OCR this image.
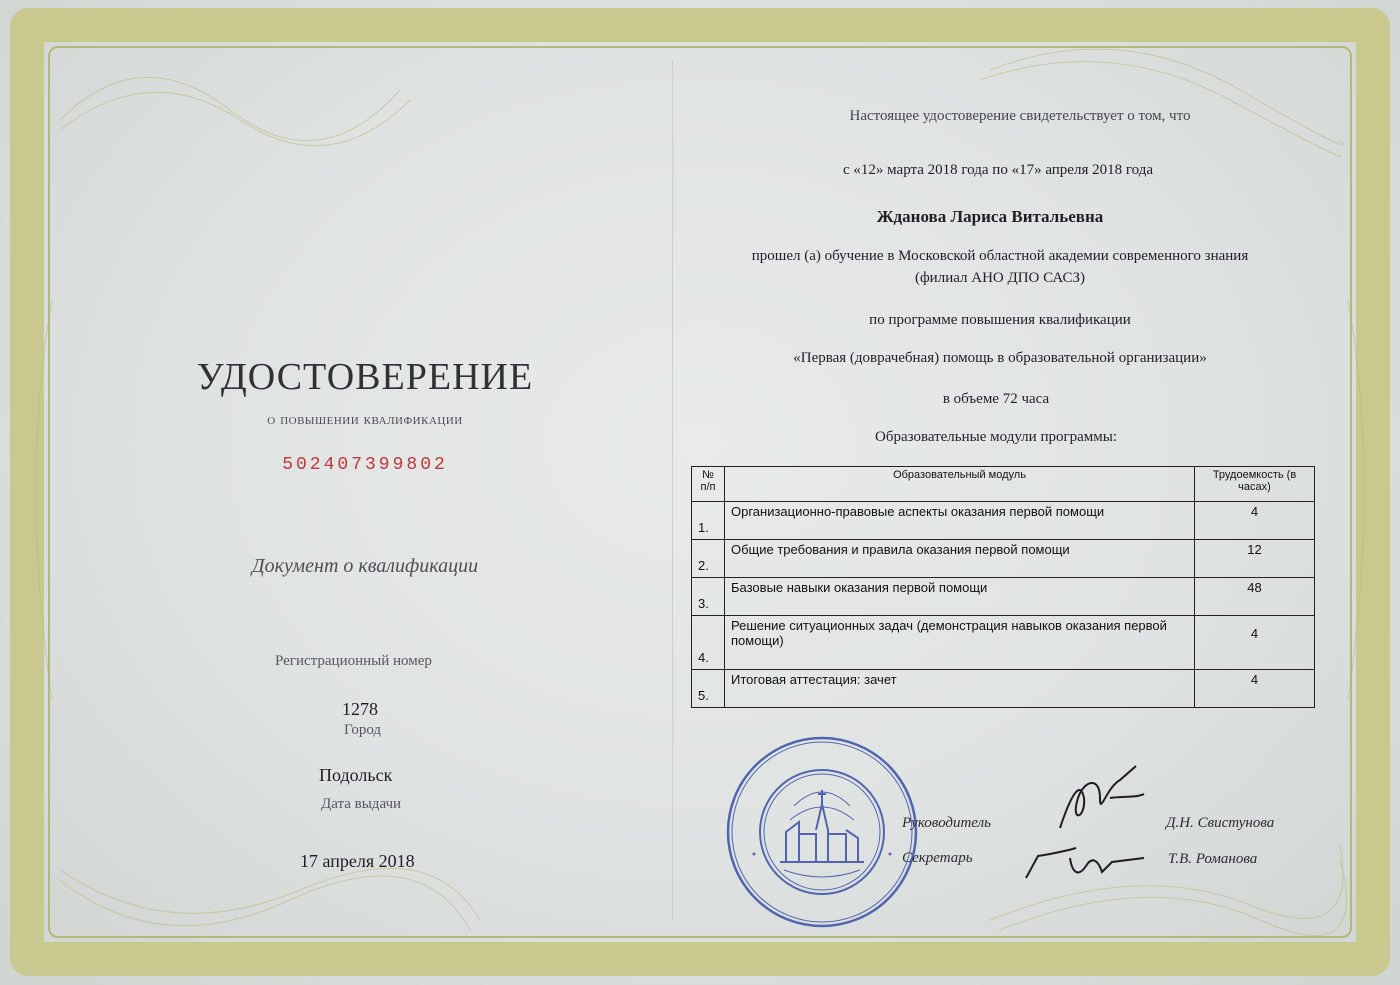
УДОСТОВЕРЕНИЕ
о повышении квалификации
502407399802
Документ о квалификации
Регистрационный номер
1278
Город
Подольск
Дата выдачи
17 апреля 2018
Настоящее удостоверение свидетельствует о том, что
с «12» марта 2018 года по «17» апреля 2018 года
Жданова Лариса Витальевна
прошел (а) обучение в Московской областной академии современного знания
(филиал АНО ДПО САСЗ)
по программе повышения квалификации
«Первая (доврачебная) помощь в образовательной организации»
в объеме 72 часа
Образовательные модули программы:
№ п/п	Образовательный модуль	Трудоемкость (в часах)
1.	Организационно-правовые аспекты оказания первой помощи	4
2.	Общие требования и правила оказания первой помощи	12
3.	Базовые навыки оказания первой помощи	48
4.	Решение ситуационных задач (демонстрация навыков оказания первой помощи)	4
5.	Итоговая аттестация: зачет	4
Руководитель	Д.Н. Свистунова
Секретарь	Т.В. Романова
